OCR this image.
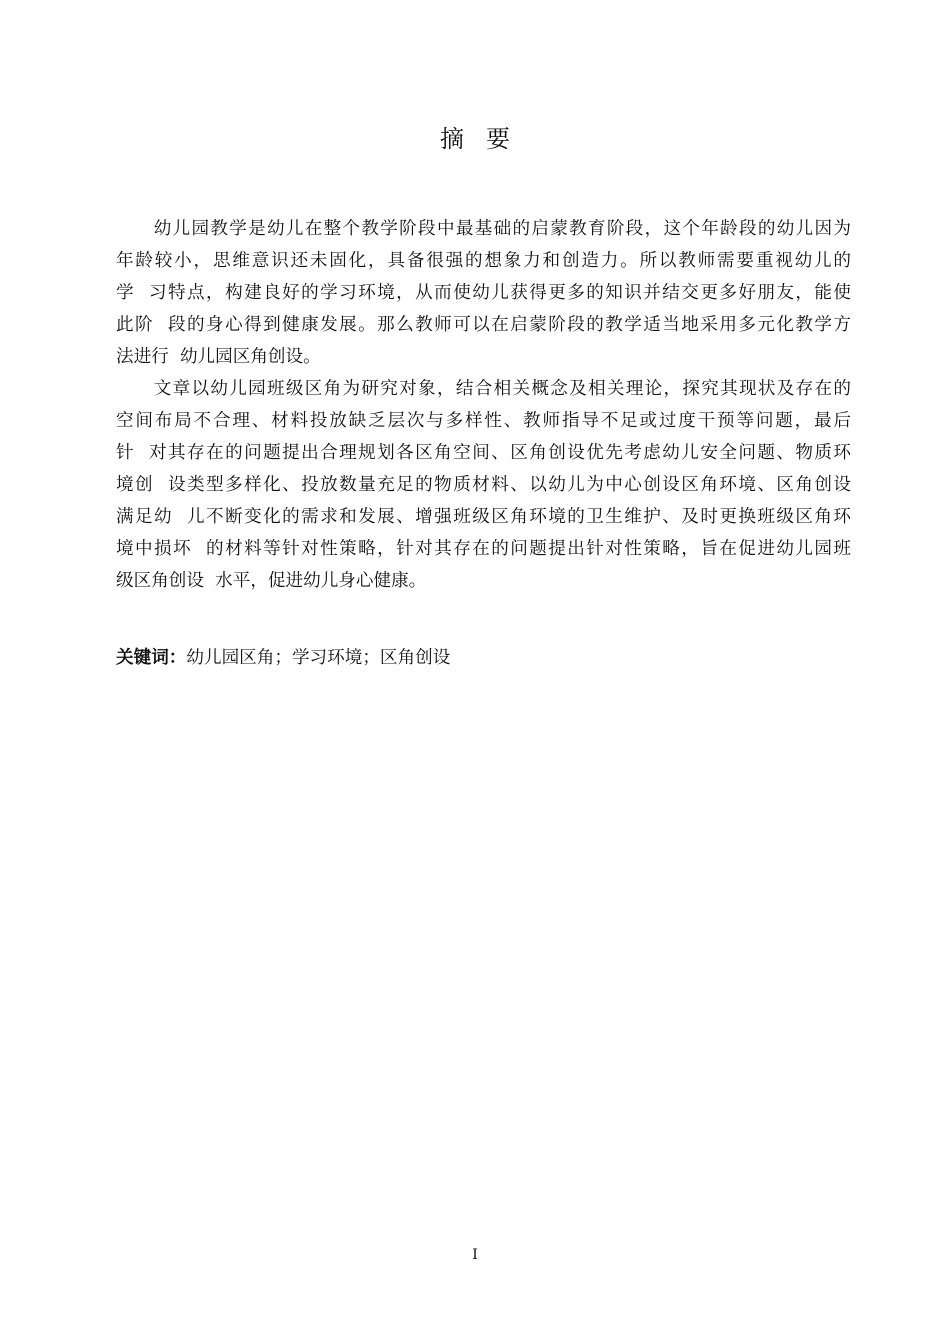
摘要
　　幼儿园教学是幼儿在整个教学阶段中最基础的启蒙教育阶段，这个年龄段的幼儿因为
年龄较小，思维意识还未固化，具备很强的想象力和创造力。所以教师需要重视幼儿的
学  习特点，构建良好的学习环境，从而使幼儿获得更多的知识并结交更多好朋友，能使
此阶  段的身心得到健康发展。那么教师可以在启蒙阶段的教学适当地采用多元化教学方
法进行  幼儿园区角创设。
　　文章以幼儿园班级区角为研究对象，结合相关概念及相关理论，探究其现状及存在的
空间布局不合理、材料投放缺乏层次与多样性、教师指导不足或过度干预等问题，最后
针  对其存在的问题提出合理规划各区角空间、区角创设优先考虑幼儿安全问题、物质环
境创  设类型多样化、投放数量充足的物质材料、以幼儿为中心创设区角环境、区角创设
满足幼  儿不断变化的需求和发展、增强班级区角环境的卫生维护、及时更换班级区角环
境中损坏  的材料等针对性策略，针对其存在的问题提出针对性策略，旨在促进幼儿园班
级区角创设  水平，促进幼儿身心健康。
关键词：幼儿园区角；学习环境；区角创设
I
